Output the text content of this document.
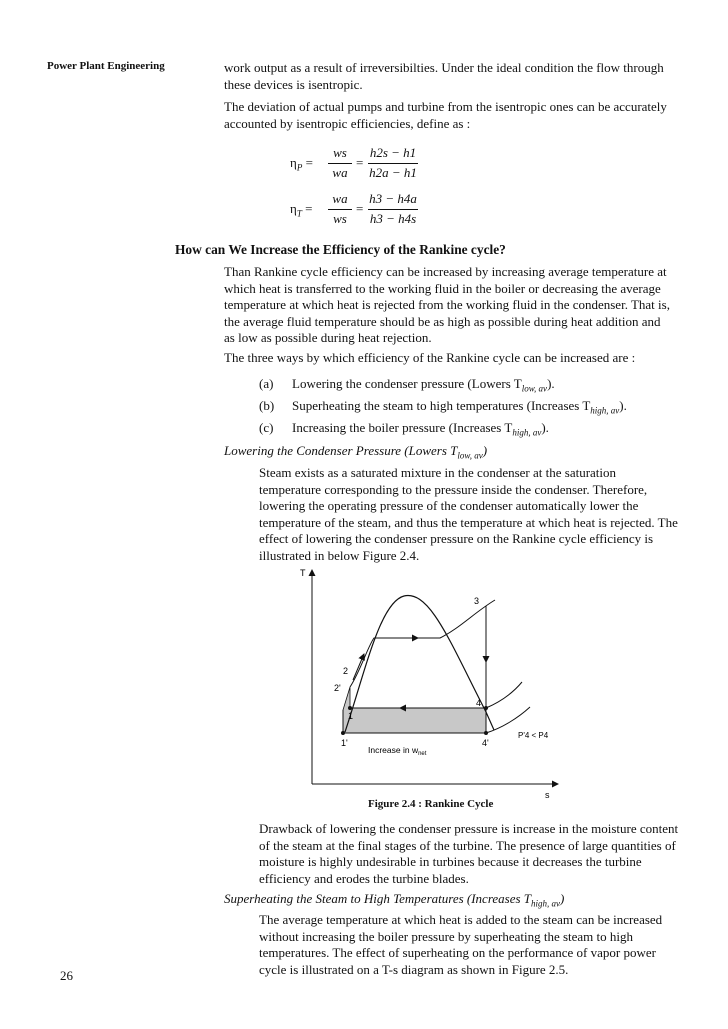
Power Plant Engineering	work output as a result of irreversibilties. Under the ideal condition the flow through these devices is isentropic.

The deviation of actual pumps and turbine from the isentropic ones can be accurately accounted by isentropic efficiencies, define as :

$\eta_P$ =
ws
wa
=
h2s − h1
h2a − h1
$\eta_T$ =
wa
ws
=
h3 − h4a
h3 − h4s
How can We Increase the Efficiency of the Rankine cycle?

Than Rankine cycle efficiency can be increased by increasing average temperature at which heat is transferred to the working fluid in the boiler or decreasing the average temperature at which heat is rejected from the working fluid in the condenser. That is, the average fluid temperature should be as high as possible during heat addition and as low as possible during heat rejection.

The three ways by which efficiency of the Rankine cycle can be increased are :

(a) Lowering the condenser pressure (Lowers $T_{low, av}$).
(b) Superheating the steam to high temperatures (Increases $T_{high, av}$).
(c) Increasing the boiler pressure (Increases $T_{high, av}$).
Lowering the Condenser Pressure (Lowers $T_{low, av}$)

Steam exists as a saturated mixture in the condenser at the saturation temperature corresponding to the pressure inside the condenser. Therefore, lowering the operating pressure of the condenser automatically lower the temperature of the steam, and thus the temperature at which heat is rejected. The effect of lowering the condenser pressure on the Rankine cycle efficiency is illustrated in below Figure 2.4.

T
s
3
2
2'
1
1'
4
4'
P'4 < P4
Increase in $w_{net}$
Figure 2.4 : Rankine Cycle

Drawback of lowering the condenser pressure is increase in the moisture content of the steam at the final stages of the turbine. The presence of large quantities of moisture is highly undesirable in turbines because it decreases the turbine efficiency and erodes the turbine blades.

Superheating the Steam to High Temperatures (Increases $T_{high, av}$)

The average temperature at which heat is added to the steam can be increased without increasing the boiler pressure by superheating the steam to high temperatures. The effect of superheating on the performance of vapor power cycle is illustrated on a T-s diagram as shown in Figure 2.5.

26
